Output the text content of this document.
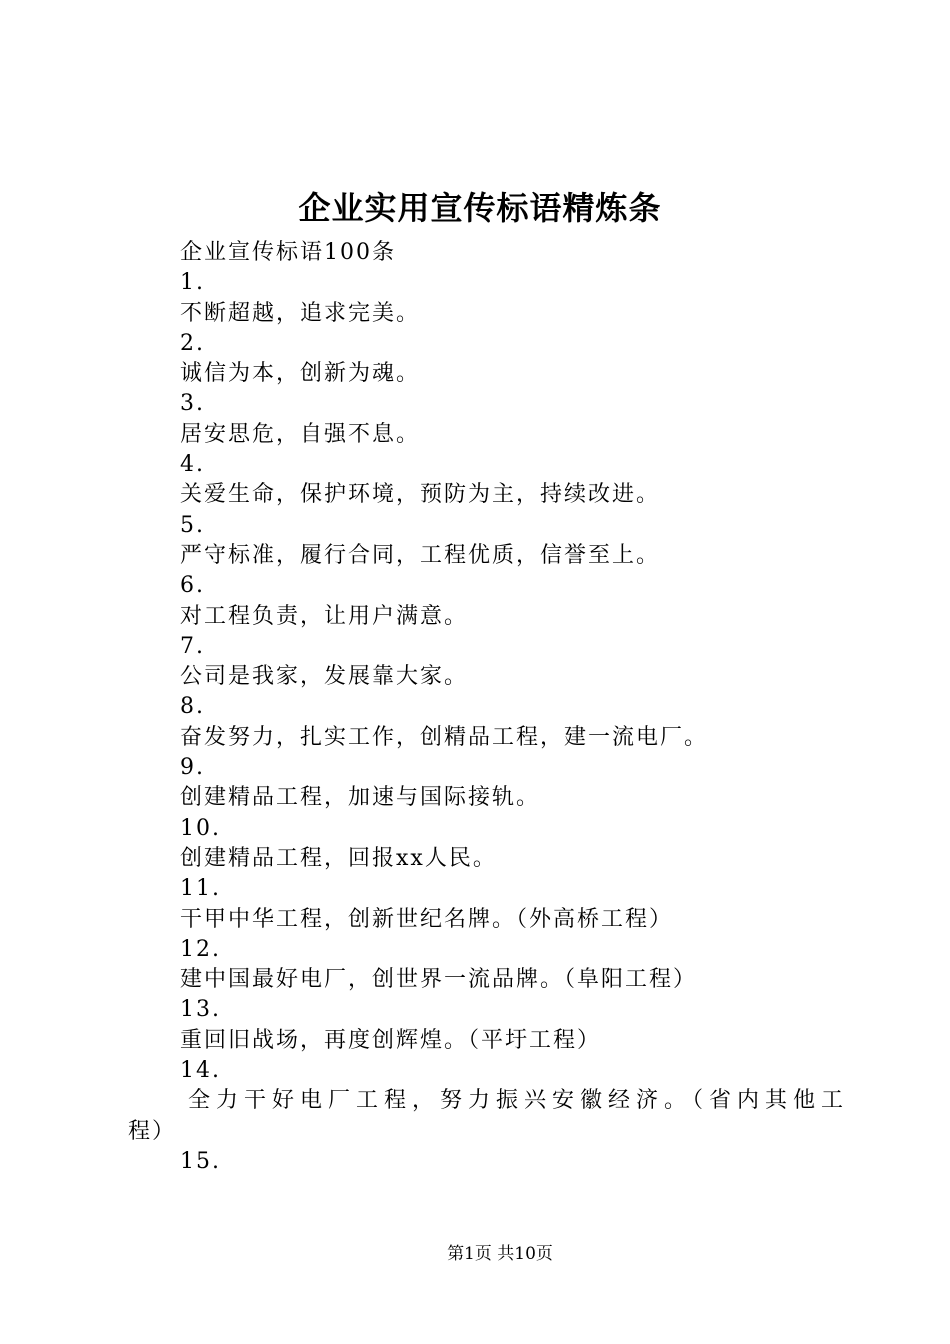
企业实用宣传标语精炼条
企业宣传标语100条
1.
不断超越，追求完美。
2.
诚信为本，创新为魂。
3.
居安思危，自强不息。
4.
关爱生命，保护环境，预防为主，持续改进。
5.
严守标准，履行合同，工程优质，信誉至上。
6.
对工程负责，让用户满意。
7.
公司是我家，发展靠大家。
8.
奋发努力，扎实工作，创精品工程，建一流电厂。
9.
创建精品工程，加速与国际接轨。
10.
创建精品工程，回报xx人民。
11.
干甲中华工程，创新世纪名牌。（外高桥工程）
12.
建中国最好电厂，创世界一流品牌。（阜阳工程）
13.
重回旧战场，再度创辉煌。（平圩工程）
14.
全力干好电厂工程，努力振兴安徽经济。（省内其他工
程）
15.
第1页 共10页
